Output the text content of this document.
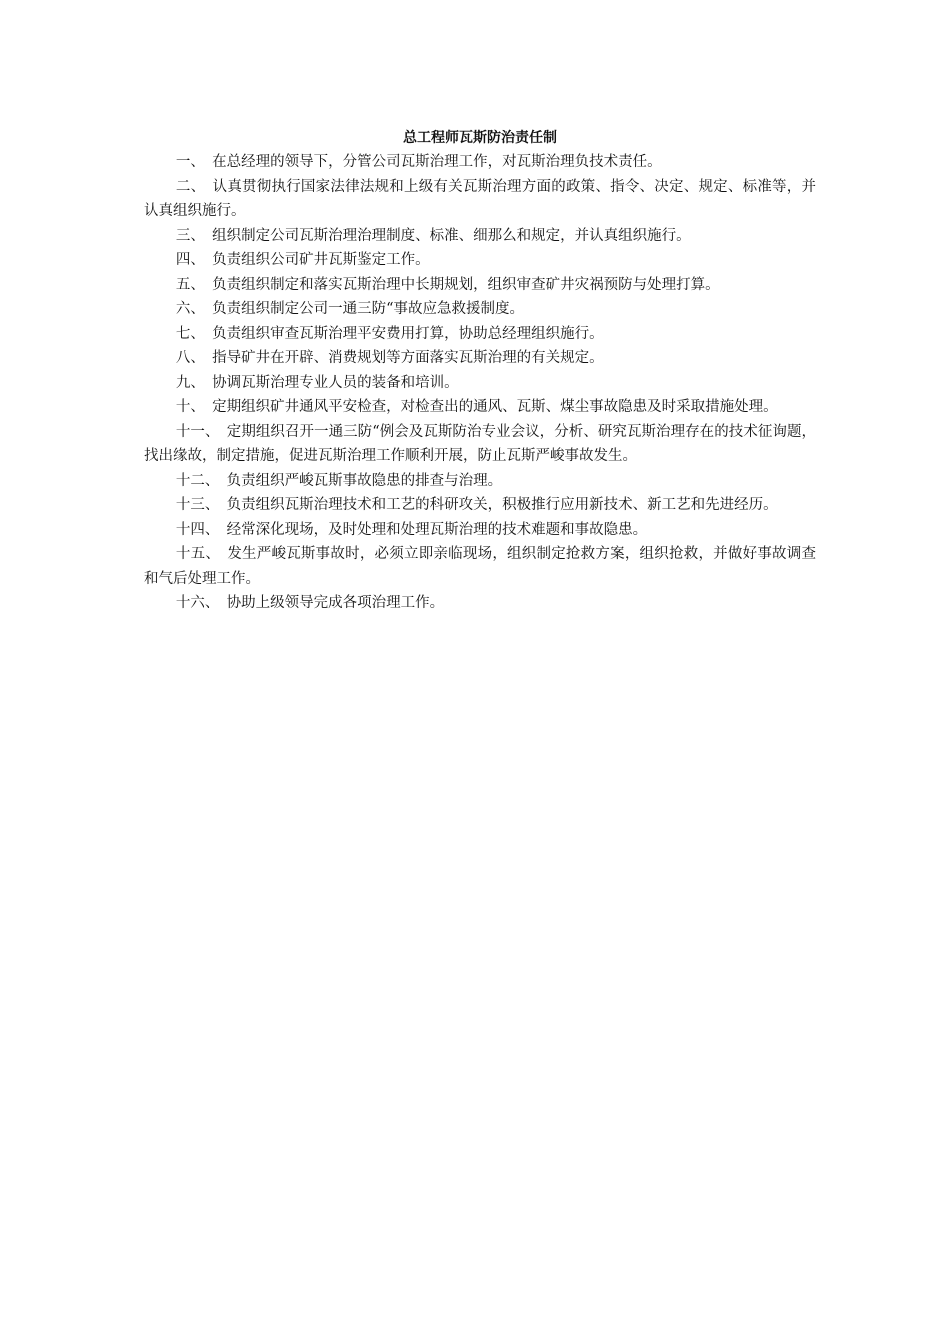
总工程师瓦斯防治责任制
一、 在总经理的领导下，分管公司瓦斯治理工作，对瓦斯治理负技术责任。
二、 认真贯彻执行国家法律法规和上级有关瓦斯治理方面的政策、指令、决定、规定、标准等，并认真组织施行。
三、 组织制定公司瓦斯治理治理制度、标准、细那么和规定，并认真组织施行。
四、 负责组织公司矿井瓦斯鉴定工作。
五、 负责组织制定和落实瓦斯治理中长期规划，组织审查矿井灾祸预防与处理打算。
六、 负责组织制定公司一通三防“事故应急救援制度。
七、 负责组织审查瓦斯治理平安费用打算，协助总经理组织施行。
八、 指导矿井在开辟、消费规划等方面落实瓦斯治理的有关规定。
九、 协调瓦斯治理专业人员的装备和培训。
十、 定期组织矿井通风平安检查，对检查出的通风、瓦斯、煤尘事故隐患及时采取措施处理。
十一、 定期组织召开一通三防“例会及瓦斯防治专业会议，分析、研究瓦斯治理存在的技术征询题，找出缘故，制定措施，促进瓦斯治理工作顺利开展，防止瓦斯严峻事故发生。
十二、 负责组织严峻瓦斯事故隐患的排查与治理。
十三、 负责组织瓦斯治理技术和工艺的科研攻关，积极推行应用新技术、新工艺和先进经历。
十四、 经常深化现场，及时处理和处理瓦斯治理的技术难题和事故隐患。
十五、 发生严峻瓦斯事故时，必须立即亲临现场，组织制定抢救方案，组织抢救，并做好事故调查和气后处理工作。
十六、 协助上级领导完成各项治理工作。
